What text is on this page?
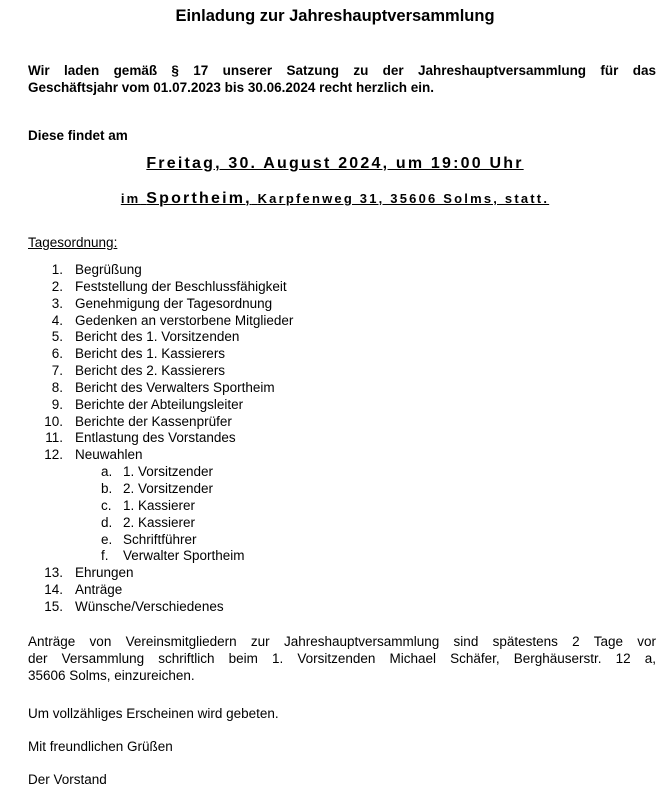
Einladung zur Jahreshauptversammlung
Wir laden gemäß § 17 unserer Satzung zu der Jahreshauptversammlung für das
Geschäftsjahr vom 01.07.2023 bis 30.06.2024 recht herzlich ein.
Diese findet am
Freitag, 30. August 2024, um 19:00 Uhr
im Sportheim, Karpfenweg 31, 35606 Solms, statt.
Tagesordnung:
1. Begrüßung
2. Feststellung der Beschlussfähigkeit
3. Genehmigung der Tagesordnung
4. Gedenken an verstorbene Mitglieder
5. Bericht des 1. Vorsitzenden
6. Bericht des 1. Kassierers
7. Bericht des 2. Kassierers
8. Bericht des Verwalters Sportheim
9. Berichte der Abteilungsleiter
10. Berichte der Kassenprüfer
11. Entlastung des Vorstandes
12. Neuwahlen
a. 1. Vorsitzender
b. 2. Vorsitzender
c. 1. Kassierer
d. 2. Kassierer
e. Schriftführer
f. Verwalter Sportheim
13. Ehrungen
14. Anträge
15. Wünsche/Verschiedenes
Anträge von Vereinsmitgliedern zur Jahreshauptversammlung sind spätestens 2 Tage vor
der Versammlung schriftlich beim 1. Vorsitzenden Michael Schäfer, Berghäuserstr. 12 a,
35606 Solms, einzureichen.
Um vollzähliges Erscheinen wird gebeten.
Mit freundlichen Grüßen
Der Vorstand
